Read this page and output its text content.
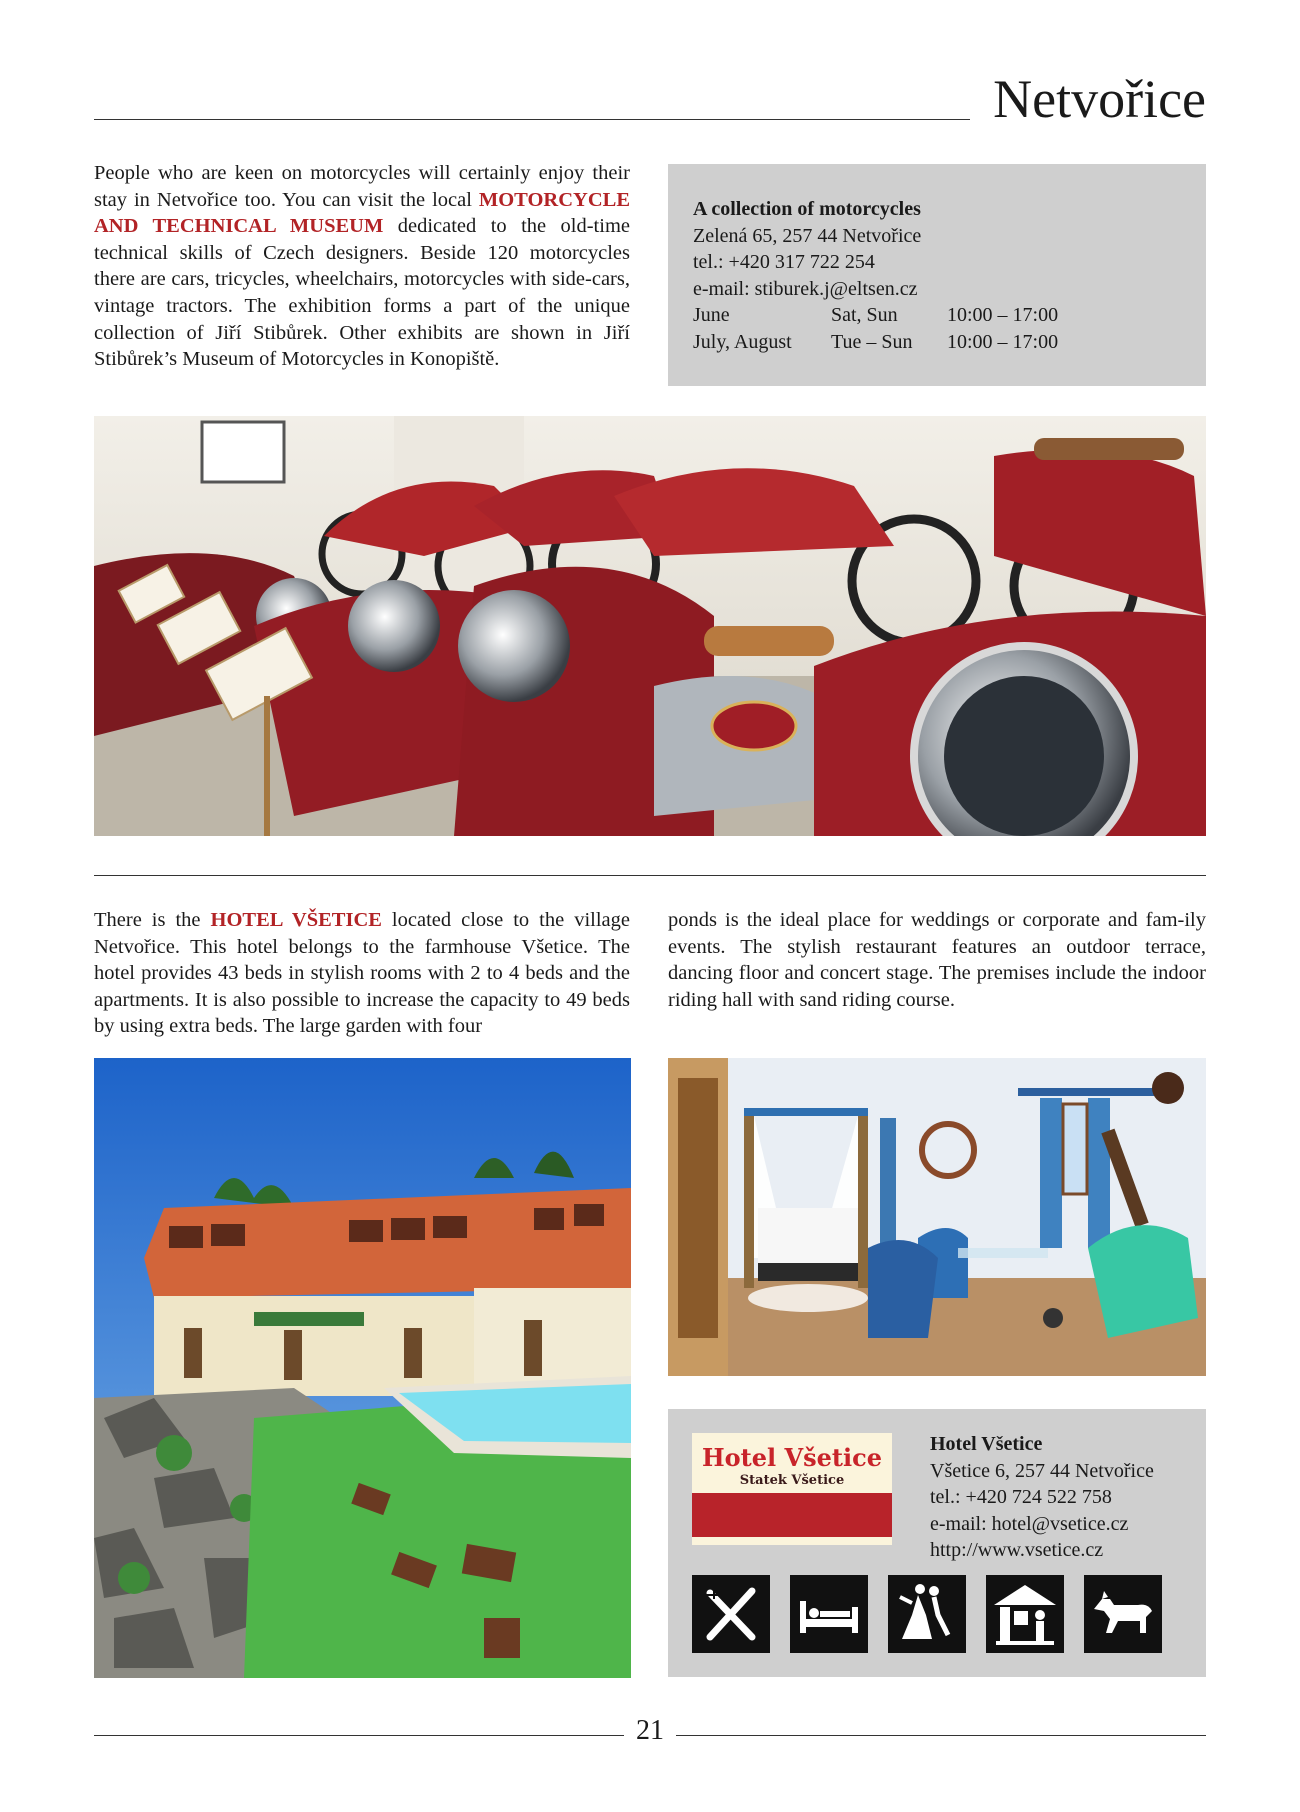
Netvořice
People who are keen on motorcycles will certainly enjoy their stay in Netvořice too. You can visit the local MOTORCYCLE AND TECHNICAL MUSEUM dedicated to the old-time technical skills of Czech designers. Beside 120 motorcycles there are cars, tricycles, wheelchairs, motorcycles with side-cars, vintage tractors. The exhibition forms a part of the unique collection of Jiří Stibůrek. Other exhibits are shown in Jiří Stibůrek’s Museum of Motorcycles in Konopiště.
A collection of motorcycles
Zelená 65, 257 44 Netvořice
tel.: +420 317 722 254
e-mail: stiburek.j@eltsen.cz
June	Sat, Sun	10:00 – 17:00
July, August	Tue – Sun	10:00 – 17:00
There is the HOTEL VŠETICE located close to the village Netvořice. This hotel belongs to the farmhouse Všetice. The hotel provides 43 beds in stylish rooms with 2 to 4 beds and the apartments. It is also possible to increase the capacity to 49 beds by using extra beds. The large garden with four
ponds is the ideal place for weddings or corporate and fam-ily events. The stylish restaurant features an outdoor terrace, dancing floor and concert stage. The premises include the indoor riding hall with sand riding course.
Hotel Všetice
Statek Všetice
Hotel Všetice
Všetice 6, 257 44 Netvořice
tel.: +420 724 522 758
e-mail: hotel@vsetice.cz
http://www.vsetice.cz
21
